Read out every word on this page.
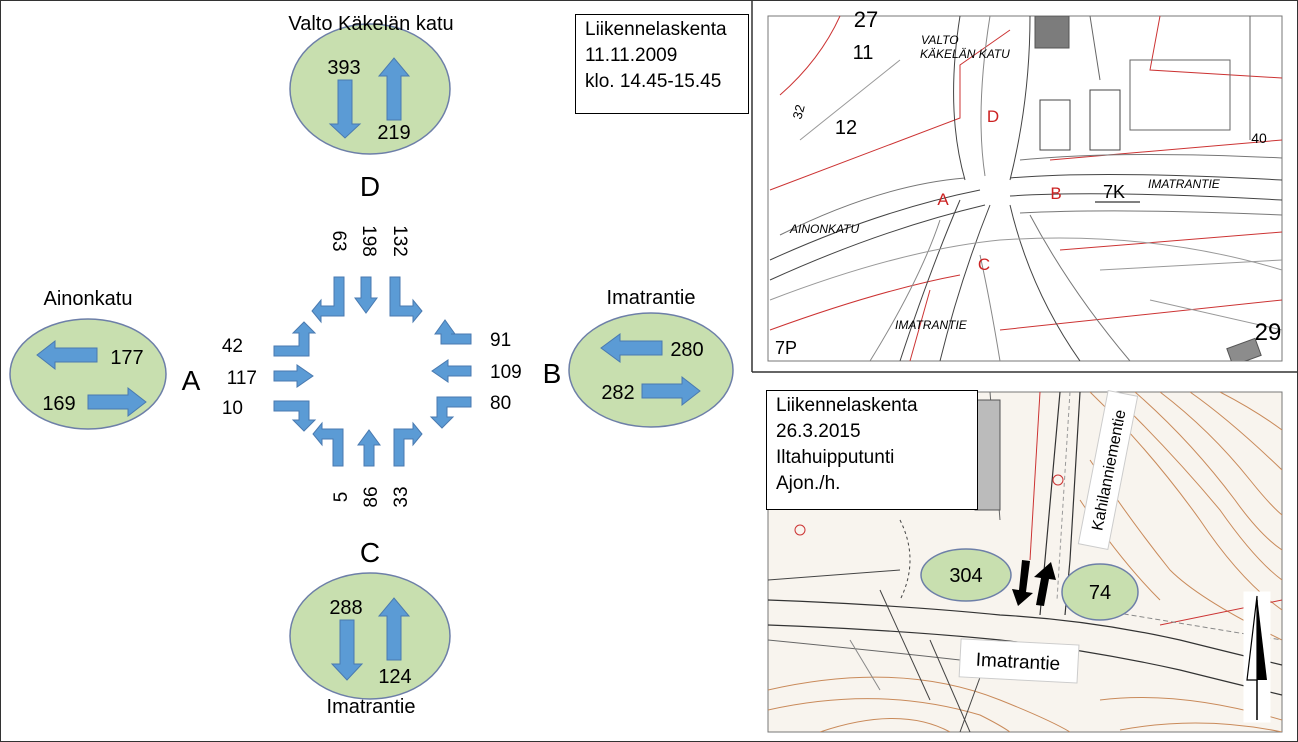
393
219
Valto Käkelän katu
177
169
Ainonkatu
280
282
Imatrantie
288
124
Imatrantie
D
C
A	B
63 198 132
5 86 33
42
117
10
91
109
80
27
11
12
32
40
29
VALTO
KÄKELÄN KATU
IMATRANTIE
IMATRANTIE
AINONKATU
7K
7P
A	B
C
D
304
74
Imatrantie
Kahilanniementie
Liikennelaskenta
11.11.2009
klo. 14.45-15.45
Liikennelaskenta
26.3.2015
Iltahuipputunti
Ajon./h.
